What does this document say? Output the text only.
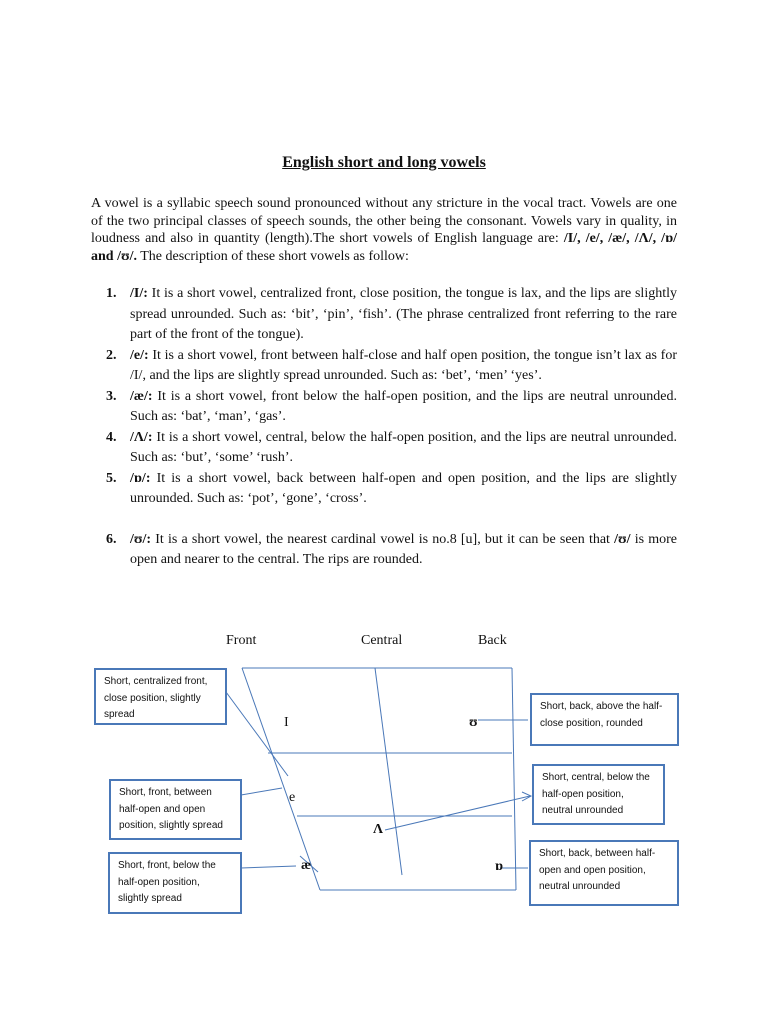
English short and long vowels
A vowel is a syllabic speech sound pronounced without any stricture in the vocal tract. Vowels are one of the two principal classes of speech sounds, the other being the consonant. Vowels vary in quality, in loudness and also in quantity (length).The short vowels of English language are: /I/, /e/, /æ/, /Λ/, /ɒ/ and /ʊ/. The description of these short vowels as follow:
1. /I/: It is a short vowel, centralized front, close position, the tongue is lax, and the lips are slightly spread unrounded. Such as: ‘bit’, ‘pin’, ‘fish’. (The phrase centralized front referring to the rare part of the front of the tongue).
2. /e/: It is a short vowel, front between half-close and half open position, the tongue isn’t lax as for /I/, and the lips are slightly spread unrounded. Such as: ‘bet’, ‘men’ ‘yes’.
3. /æ/: It is a short vowel, front below the half-open position, and the lips are neutral unrounded. Such as: ‘bat’, ‘man’, ‘gas’.
4. /Λ/: It is a short vowel, central, below the half-open position, and the lips are neutral unrounded. Such as: ‘but’, ‘some’ ‘rush’.
5. /ɒ/: It is a short vowel, back between half-open and open position, and the lips are slightly unrounded. Such as: ‘pot’, ‘gone’, ‘cross’.
6. /ʊ/: It is a short vowel, the nearest cardinal vowel is no.8 [u], but it can be seen that /ʊ/ is more open and nearer to the central. The rips are rounded.
Front	Central	Back
I	ʊ
e
Λ
æ	ɒ
Short, centralized front, close position, slightly spread
Short, front, between half-open and open position, slightly spread
Short, front, below the half-open position, slightly spread
Short, back, above the half-close position, rounded
Short, central, below the half-open position, neutral unrounded
Short, back, between half-open and open position, neutral unrounded
